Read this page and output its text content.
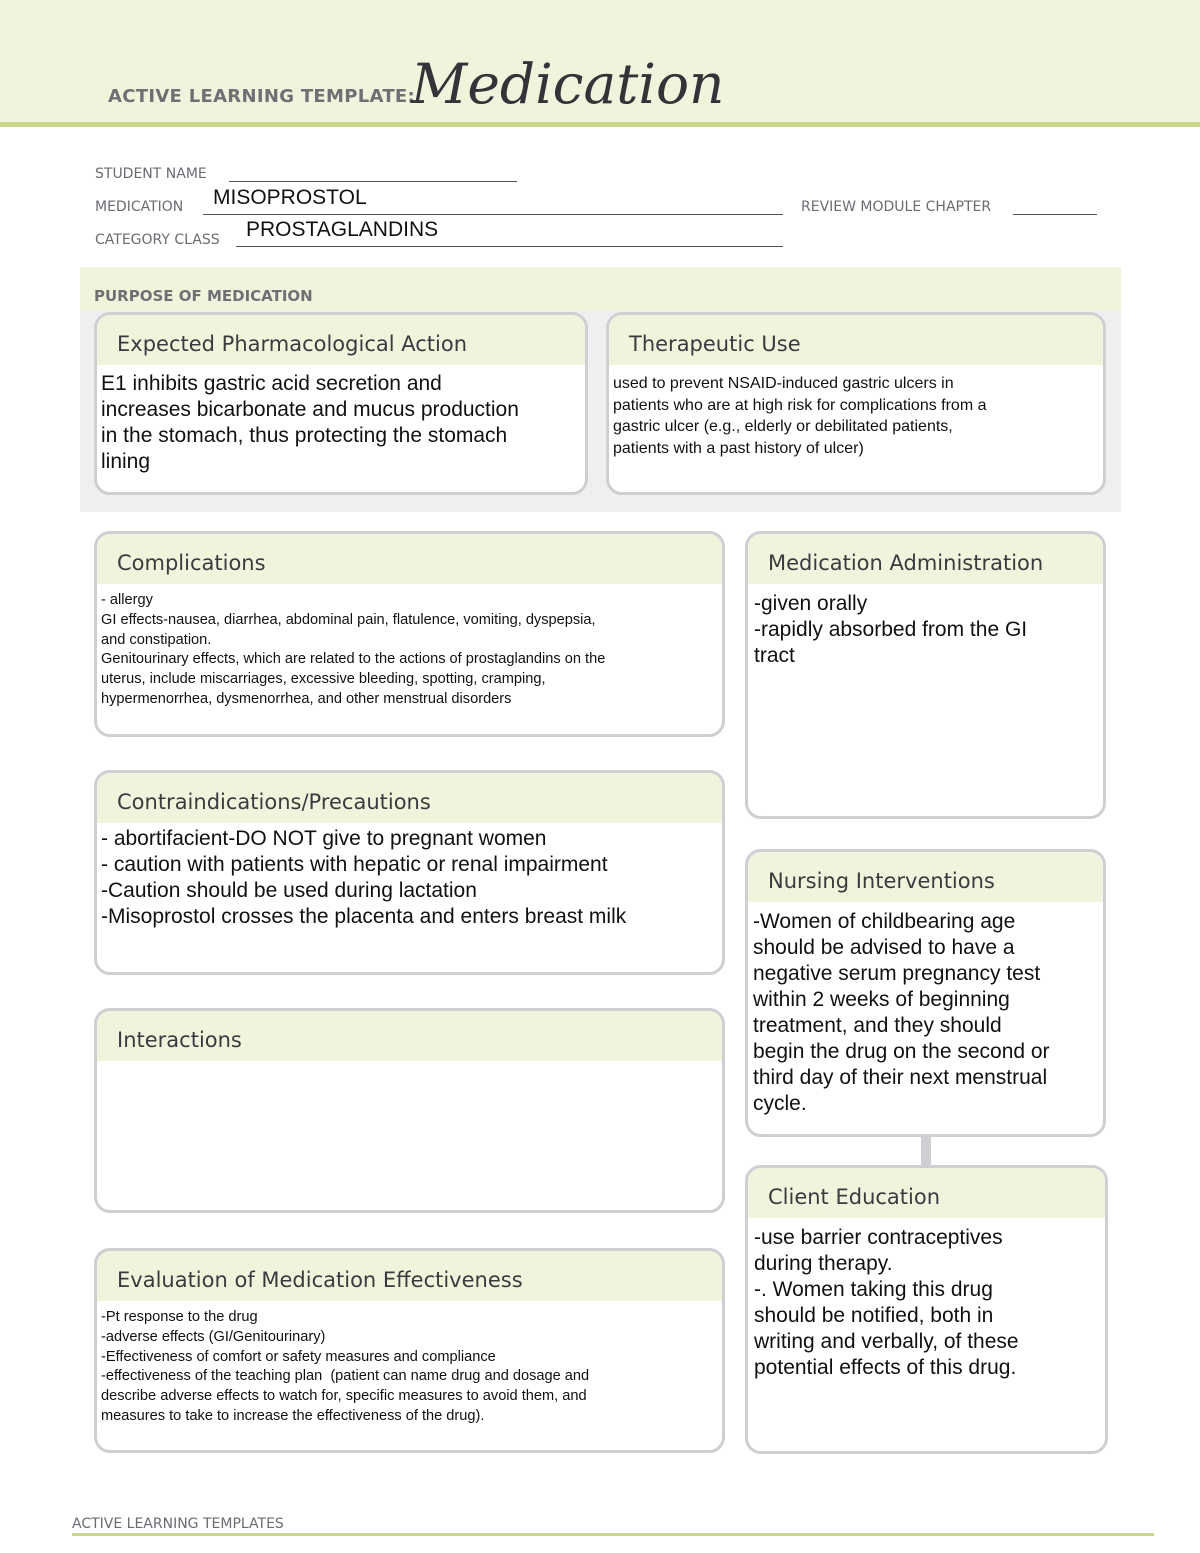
ACTIVE LEARNING TEMPLATE:
Medication
STUDENT NAME
MEDICATION MISOPROSTOL	REVIEW MODULE CHAPTER
CATEGORY CLASS PROSTAGLANDINS
PURPOSE OF MEDICATION
Expected Pharmacological Action
E1 inhibits gastric acid secretion and
increases bicarbonate and mucus production
in the stomach, thus protecting the stomach
lining
Therapeutic Use
used to prevent NSAID-induced gastric ulcers in
patients who are at high risk for complications from a
gastric ulcer (e.g., elderly or debilitated patients,
patients with a past history of ulcer)
Complications
- allergy
GI effects-nausea, diarrhea, abdominal pain, flatulence, vomiting, dyspepsia,
and constipation.
Genitourinary effects, which are related to the actions of prostaglandins on the
uterus, include miscarriages, excessive bleeding, spotting, cramping,
hypermenorrhea, dysmenorrhea, and other menstrual disorders
Medication Administration
-given orally
-rapidly absorbed from the GI
tract
Contraindications/Precautions
- abortifacient-DO NOT give to pregnant women
- caution with patients with hepatic or renal impairment
-Caution should be used during lactation
-Misoprostol crosses the placenta and enters breast milk
Nursing Interventions
-Women of childbearing age
should be advised to have a
negative serum pregnancy test
within 2 weeks of beginning
treatment, and they should
begin the drug on the second or
third day of their next menstrual
cycle.
Interactions
Client Education
-use barrier contraceptives
during therapy.
-. Women taking this drug
should be notified, both in
writing and verbally, of these
potential effects of this drug.
Evaluation of Medication Effectiveness
-Pt response to the drug
-adverse effects (GI/Genitourinary)
-Effectiveness of comfort or safety measures and compliance
-effectiveness of the teaching plan  (patient can name drug and dosage and
describe adverse effects to watch for, specific measures to avoid them, and
measures to take to increase the effectiveness of the drug).
ACTIVE LEARNING TEMPLATES
